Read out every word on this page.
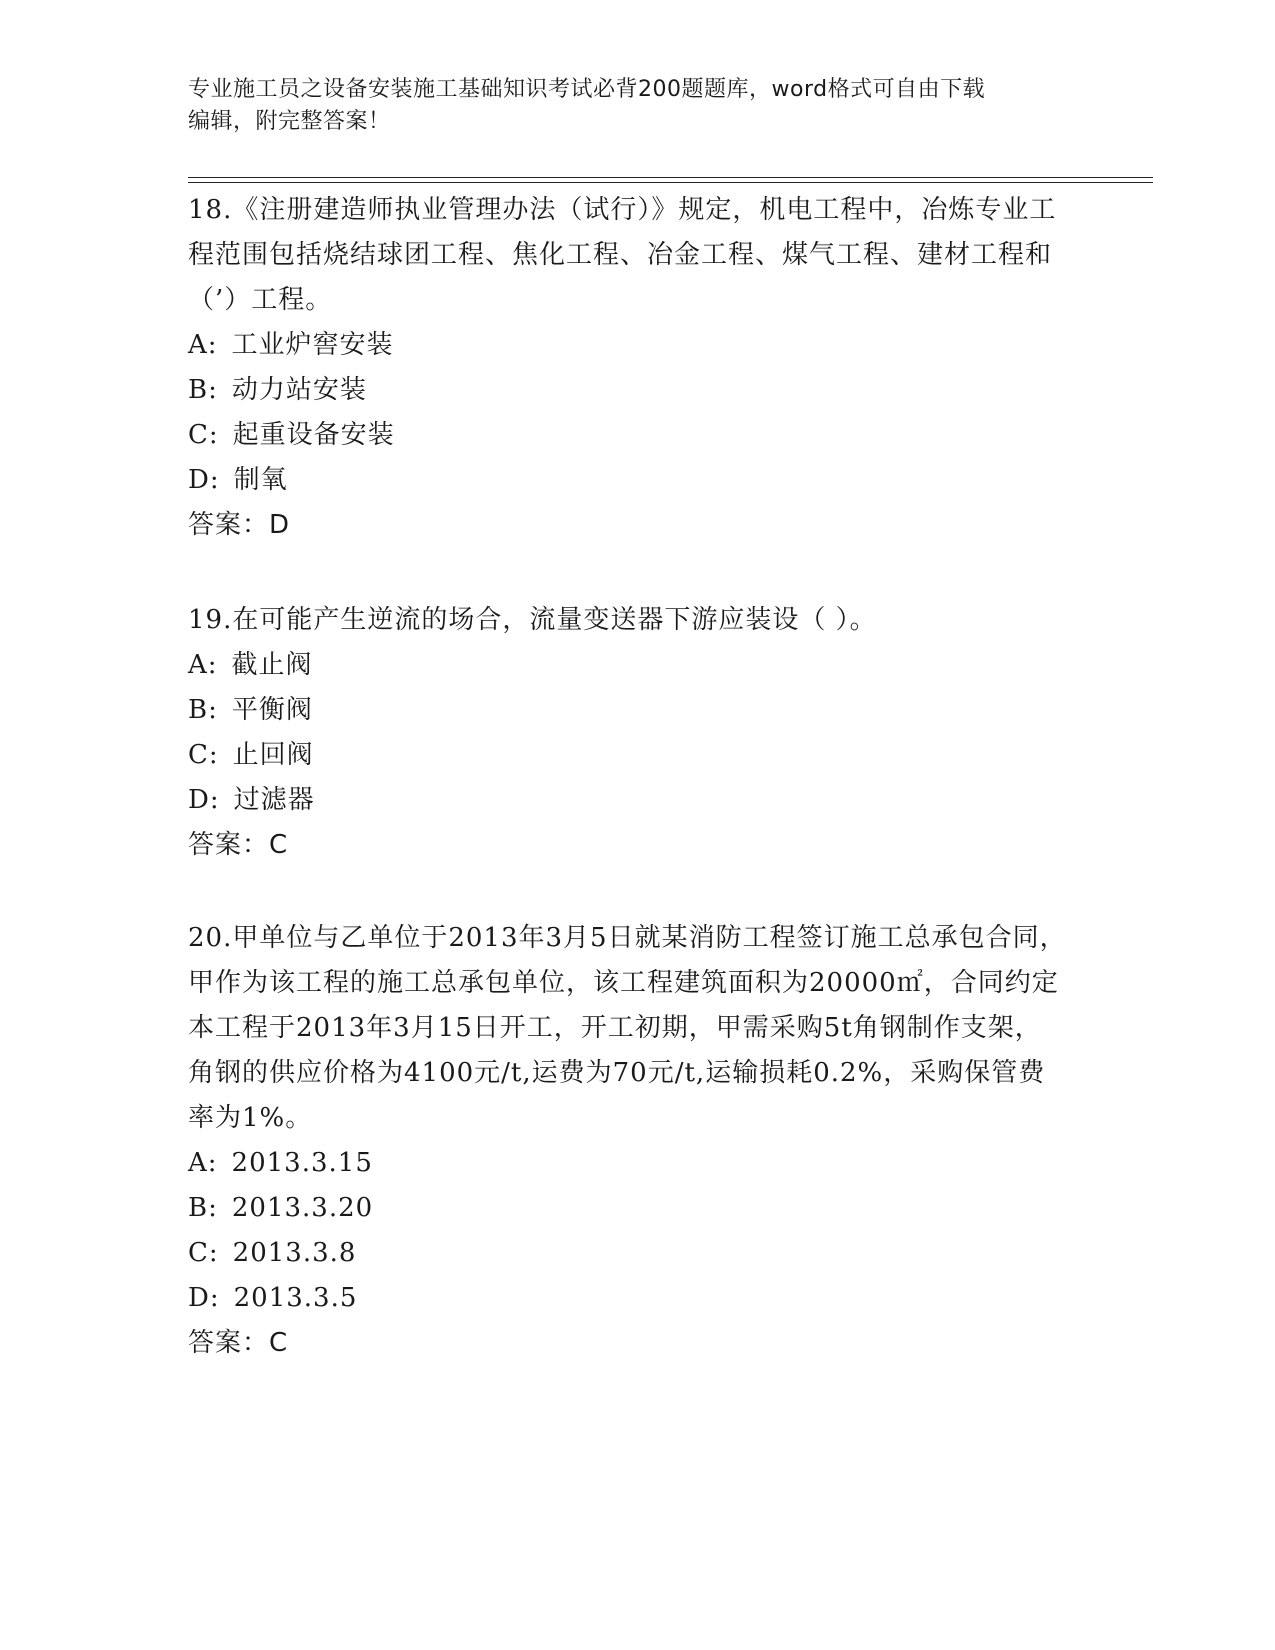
专业施工员之设备安装施工基础知识考试必背200题题库，word格式可自由下载
编辑，附完整答案！

18.《注册建造师执业管理办法（试行）》规定，机电工程中，冶炼专业工程范围包括烧结球团工程、焦化工程、冶金工程、煤气工程、建材工程和（’）工程。

A: 工业炉窖安装

B: 动力站安装

C: 起重设备安装

D: 制氧

答案：D

19.在可能产生逆流的场合，流量变送器下游应装设（ ）。

A: 截止阀

B: 平衡阀

C: 止回阀

D: 过滤器

答案：C

20.甲单位与乙单位于2013年3月5日就某消防工程签订施工总承包合同，甲作为该工程的施工总承包单位，该工程建筑面积为20000㎡，合同约定本工程于2013年3月15日开工，开工初期，甲需采购5t角钢制作支架，角钢的供应价格为4100元/t,运费为70元/t,运输损耗0.2%，采购保管费率为1%。

A: 2013.3.15

B: 2013.3.20

C: 2013.3.8

D: 2013.3.5

答案：C
